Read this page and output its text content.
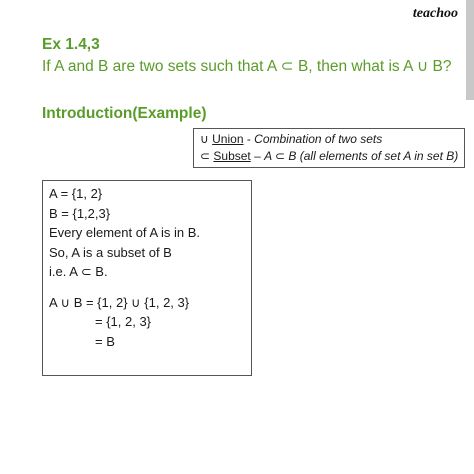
teachoo
Ex 1.4,3
If A and B are two sets such that A ⊂ B, then what is A ∪ B?
Introduction(Example)
∪ Union - Combination of two sets
⊂ Subset – A ⊂ B (all elements of set A in set B)
A = {1, 2}
B = {1,2,3}
Every element of A is in B.
So, A is a subset of B
i.e. A ⊂ B.
A ∪ B = {1, 2} ∪ {1, 2, 3}
= {1, 2, 3}
= B
